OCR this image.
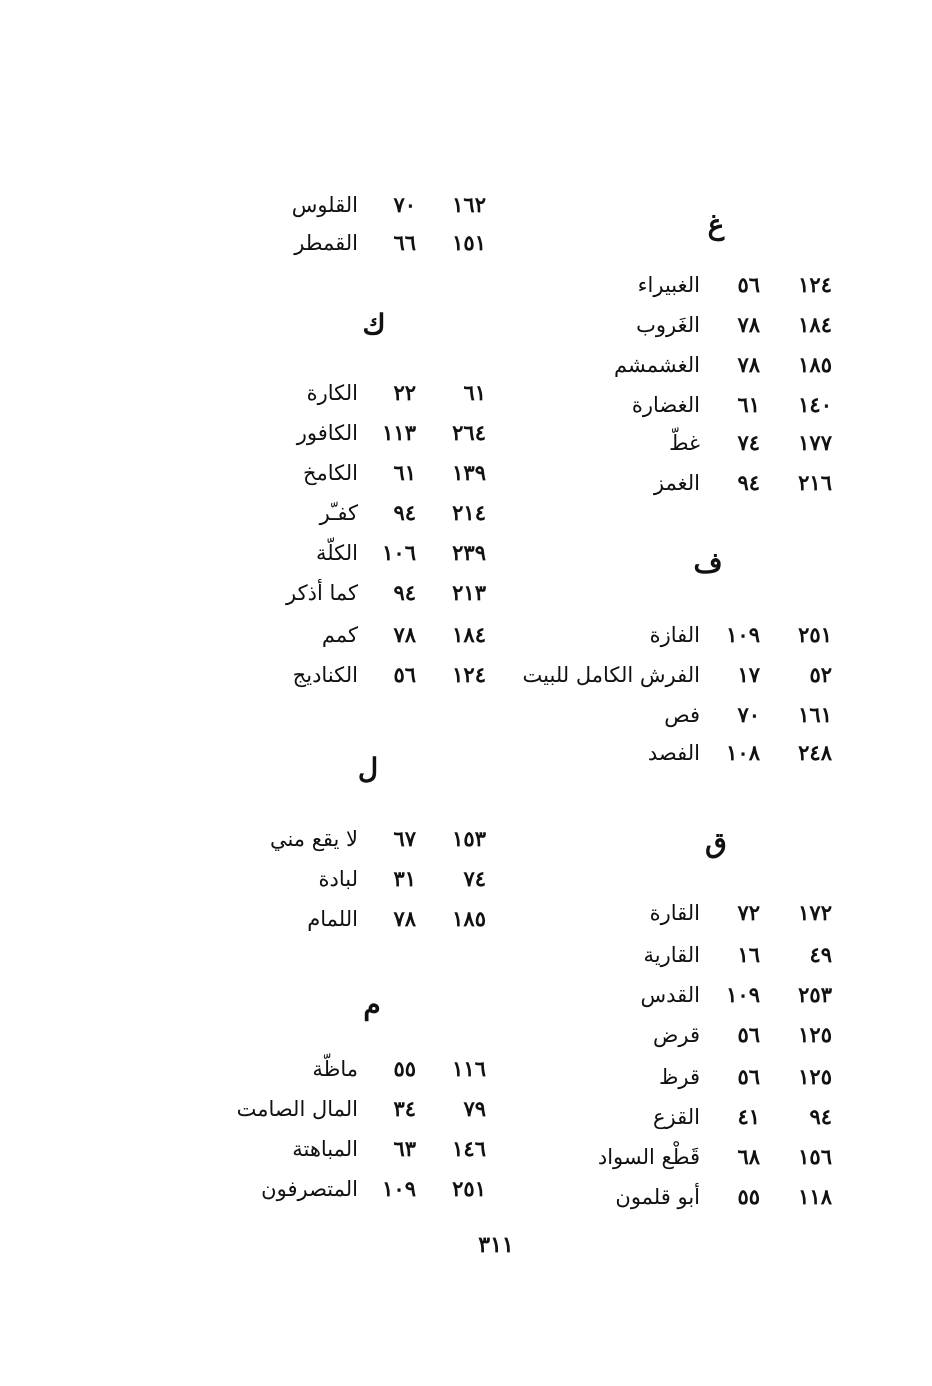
غ
١٢٤
٥٦
الغبيراء
١٨٤
٧٨
الغَروب
١٨٥
٧٨
الغشمشم
١٤٠
٦١
الغضارة
١٧٧
٧٤
غطّ
٢١٦
٩٤
الغمز
ف
٢٥١
١٠٩
الفازة
٥٢
١٧
الفرش الكامل للبيت
١٦١
٧٠
فص
٢٤٨
١٠٨
الفصد
ق
١٧٢
٧٢
القارة
٤٩
١٦
القارية
٢٥٣
١٠٩
القدس
١٢٥
٥٦
قرض
١٢٥
٥٦
قرظ
٩٤
٤١
القزع
١٥٦
٦٨
قَطْع السواد
١١٨
٥٥
أبو قلمون
١٦٢
٧٠
القلوس
١٥١
٦٦
القمطر
ك
٦١
٢٢
الكارة
٢٦٤
١١٣
الكافور
١٣٩
٦١
الكامخ
٢١٤
٩٤
كفـّر
٢٣٩
١٠٦
الكلّة
٢١٣
٩٤
كما أذكر
١٨٤
٧٨
كمم
١٢٤
٥٦
الكناديج
ل
١٥٣
٦٧
لا يقع مني
٧٤
٣١
لبادة
١٨٥
٧٨
اللمام
م
١١٦
٥٥
ماظّة
٧٩
٣٤
المال الصامت
١٤٦
٦٣
المباهتة
٢٥١
١٠٩
المتصرفون
٣١١
